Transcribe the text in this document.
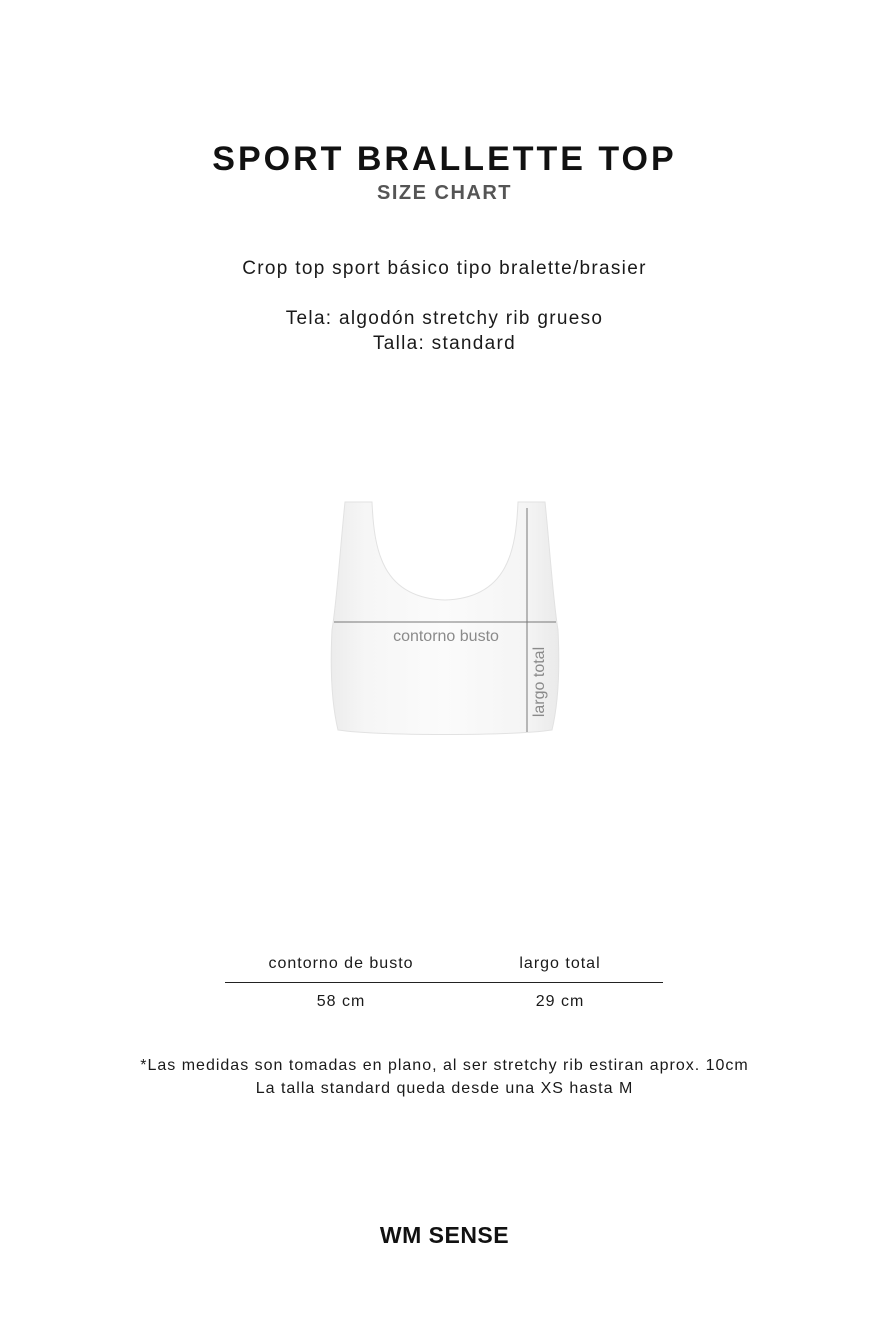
SPORT BRALLETTE TOP
SIZE CHART
Crop top sport básico tipo bralette/brasier
Tela: algodón stretchy rib grueso
Talla: standard
contorno busto
largo total
contorno de busto	largo total
58 cm	29 cm
*Las medidas son tomadas en plano, al ser stretchy rib estiran aprox. 10cm
La talla standard queda desde una XS hasta M
WM SENSE
